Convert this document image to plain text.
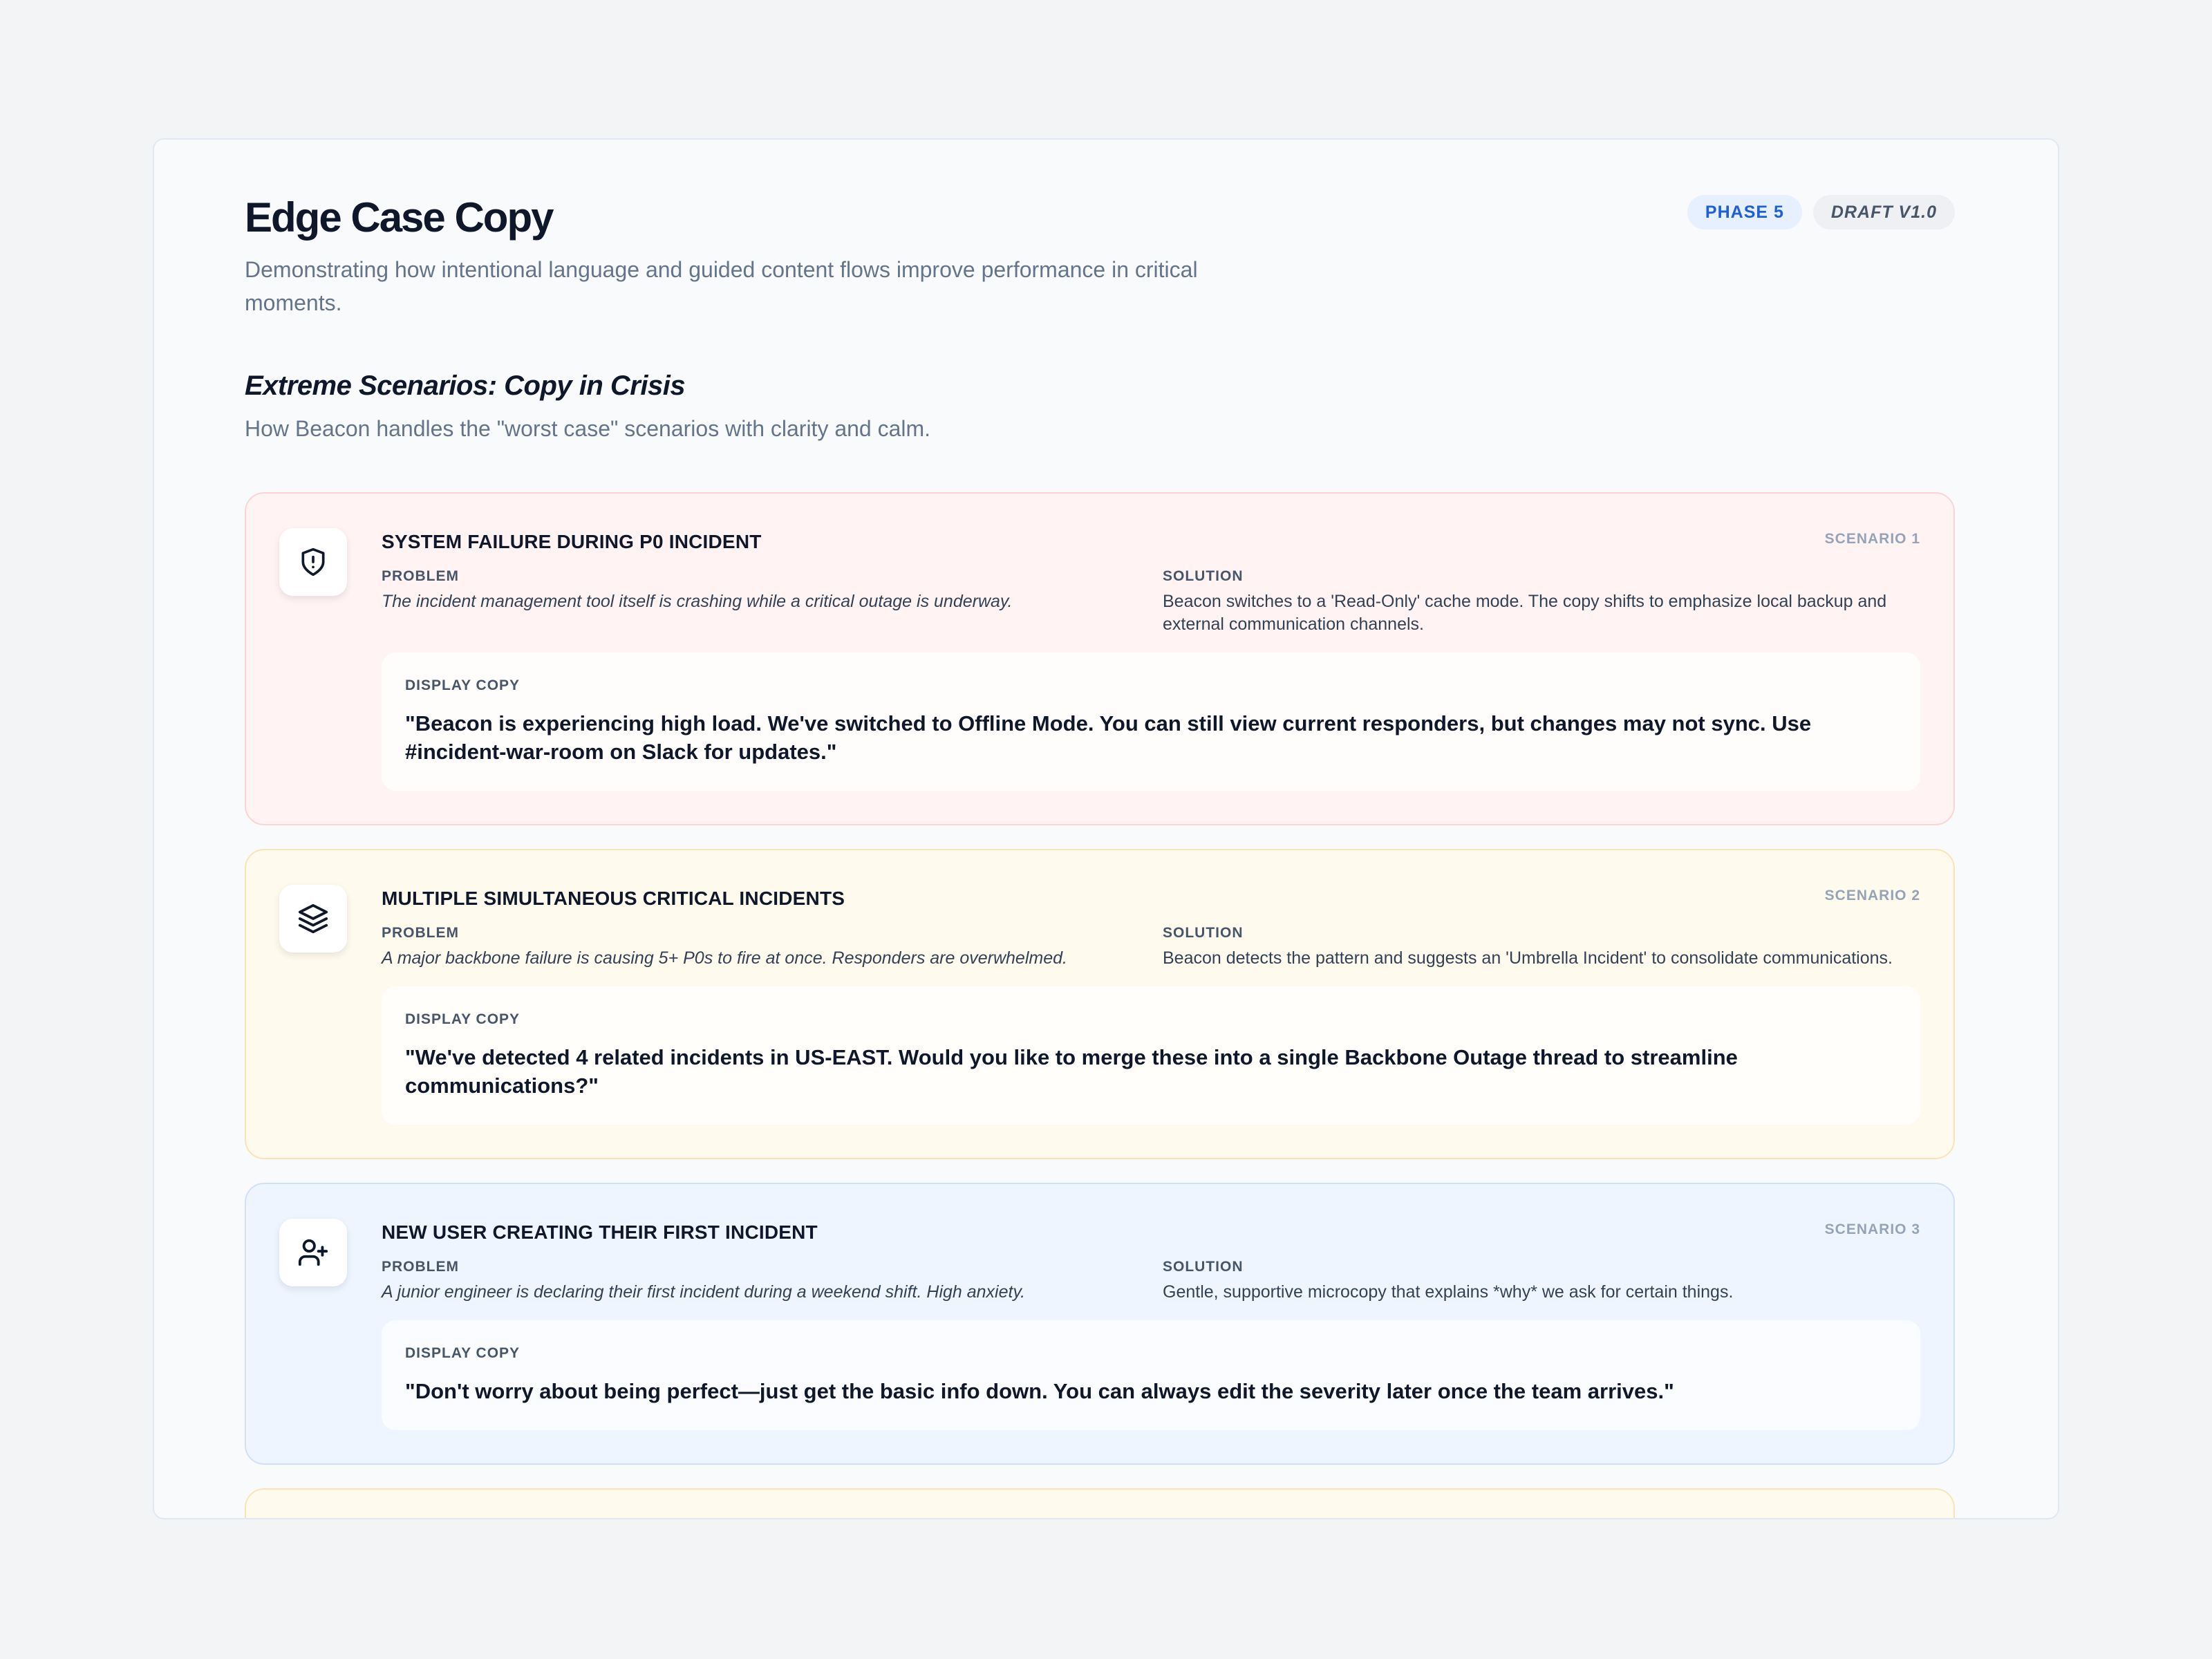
Edge Case Copy
Demonstrating how intentional language and guided content flows improve performance in critical moments.
PHASE 5	DRAFT V1.0
Extreme Scenarios: Copy in Crisis
How Beacon handles the "worst case" scenarios with clarity and calm.
SCENARIO 1
SYSTEM FAILURE DURING P0 INCIDENT
PROBLEM
The incident management tool itself is crashing while a critical outage is underway.
SOLUTION
Beacon switches to a 'Read-Only' cache mode. The copy shifts to emphasize local backup and external communication channels.
DISPLAY COPY
"Beacon is experiencing high load. We've switched to Offline Mode. You can still view current responders, but changes may not sync. Use #incident-war-room on Slack for updates."
SCENARIO 2
MULTIPLE SIMULTANEOUS CRITICAL INCIDENTS
PROBLEM
A major backbone failure is causing 5+ P0s to fire at once. Responders are overwhelmed.
SOLUTION
Beacon detects the pattern and suggests an 'Umbrella Incident' to consolidate communications.
DISPLAY COPY
"We've detected 4 related incidents in US-EAST. Would you like to merge these into a single Backbone Outage thread to streamline communications?"
SCENARIO 3
NEW USER CREATING THEIR FIRST INCIDENT
PROBLEM
A junior engineer is declaring their first incident during a weekend shift. High anxiety.
SOLUTION
Gentle, supportive microcopy that explains *why* we ask for certain things.
DISPLAY COPY
"Don't worry about being perfect—just get the basic info down. You can always edit the severity later once the team arrives."
